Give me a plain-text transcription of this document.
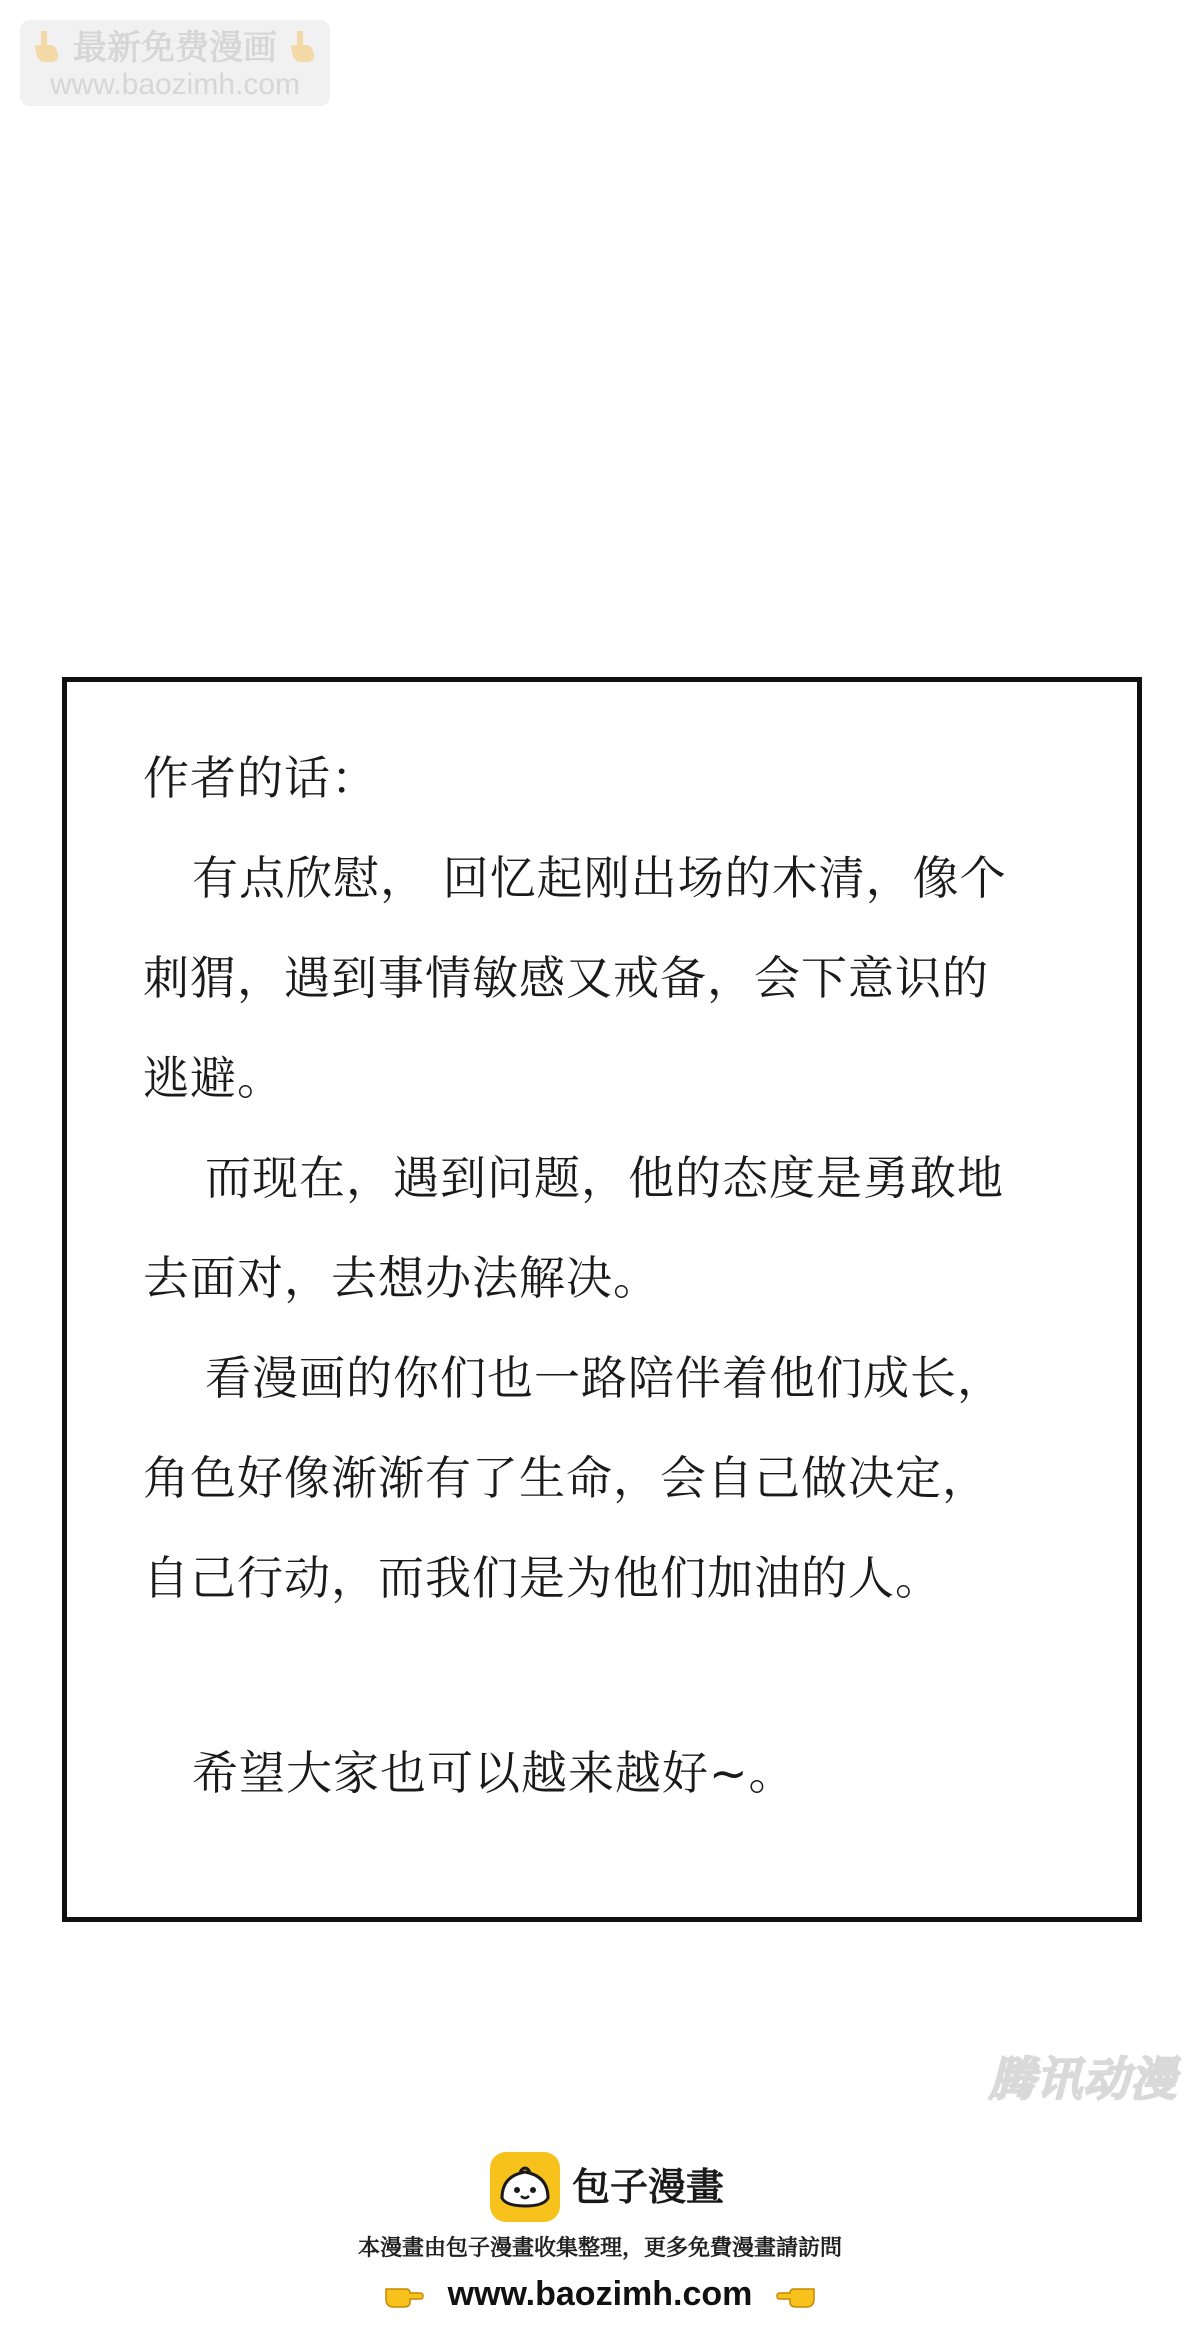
最新免费漫画
www.baozimh.com
作者的话：
有点欣慰， 回忆起刚出场的木清，像个
刺猬，遇到事情敏感又戒备，会下意识的
逃避。
而现在，遇到问题，他的态度是勇敢地
去面对，去想办法解决。
看漫画的你们也一路陪伴着他们成长，
角色好像渐渐有了生命，会自己做决定，
自己行动，而我们是为他们加油的人。
希望大家也可以越来越好~。
腾讯动漫
包子漫畫
本漫畫由包子漫畫收集整理，更多免費漫畫請訪問
www.baozimh.com
